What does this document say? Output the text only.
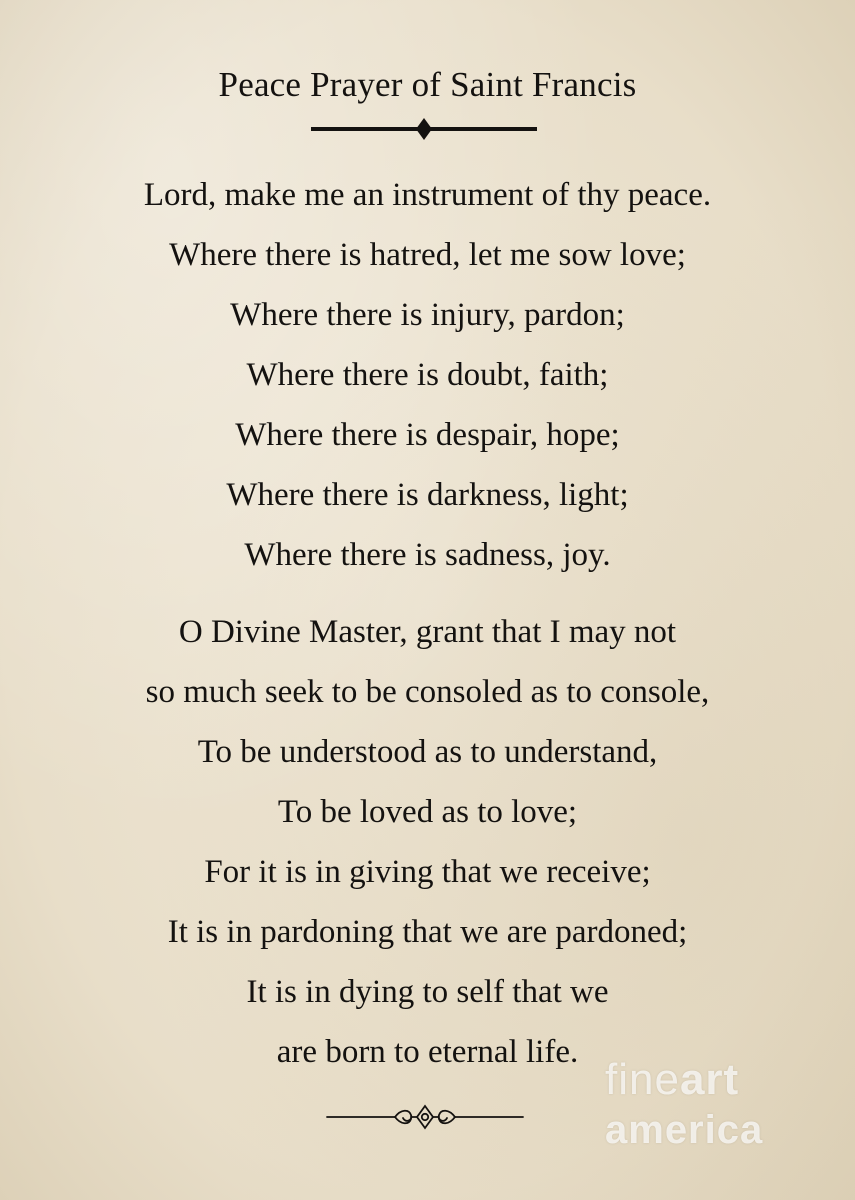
Peace Prayer of Saint Francis
Lord, make me an instrument of thy peace.
Where there is hatred, let me sow love;
Where there is injury, pardon;
Where there is doubt, faith;
Where there is despair, hope;
Where there is darkness, light;
Where there is sadness, joy.
O Divine Master, grant that I may not
so much seek to be consoled as to console,
To be understood as to understand,
To be loved as to love;
For it is in giving that we receive;
It is in pardoning that we are pardoned;
It is in dying to self that we
are born to eternal life.
fineart
america
